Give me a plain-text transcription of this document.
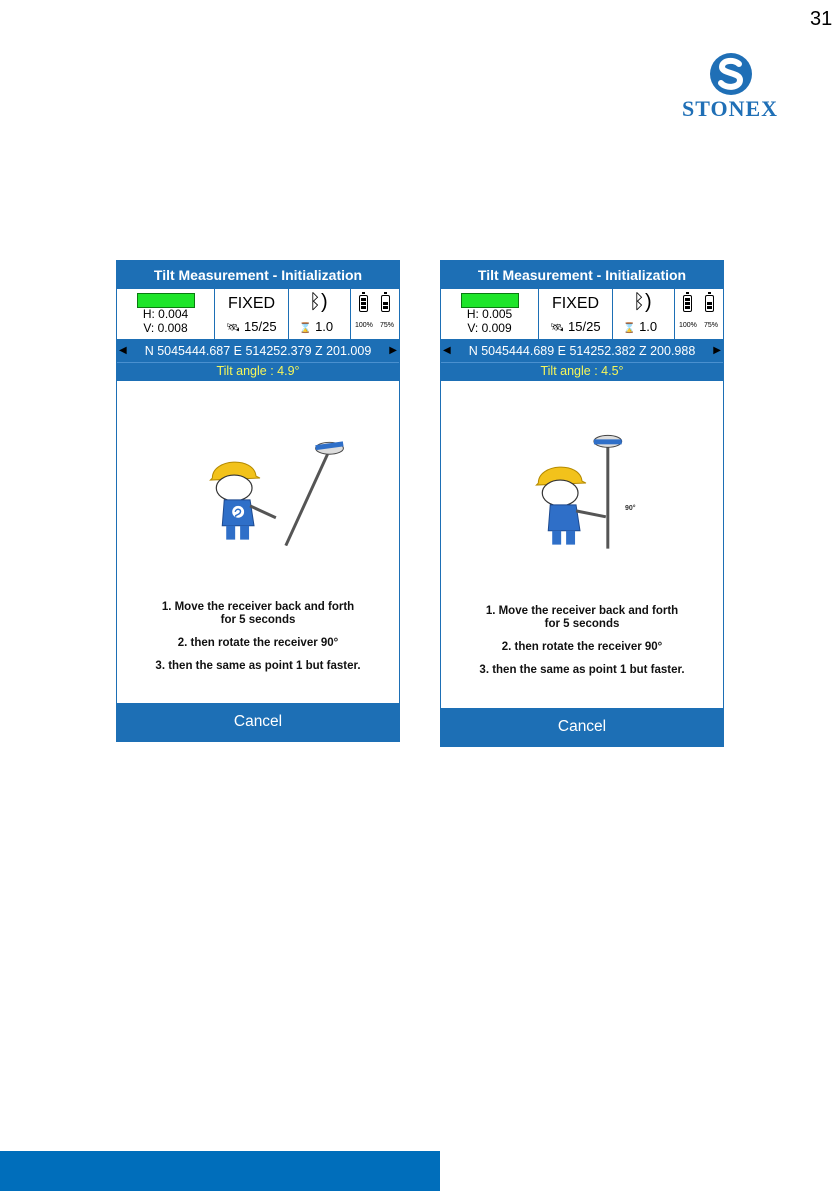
31
STONEX
Tilt Measurement - Initialization
H: 0.004
V: 0.008
FIXED
🛰 15/25
ᛒ)
⌛ 1.0	100% 75%
◀ N 5045444.687 E 514252.379 Z 201.009 ▶
Tilt angle : 4.9°
1. Move the receiver back and forth
for 5 seconds
2. then rotate the receiver 90°
3. then the same as point 1 but faster.
Cancel
Tilt Measurement - Initialization
H: 0.005
V: 0.009
FIXED
🛰 15/25
ᛒ)
⌛ 1.0	100% 75%
◀ N 5045444.689 E 514252.382 Z 200.988 ▶
Tilt angle : 4.5°
90°
1. Move the receiver back and forth
for 5 seconds
2. then rotate the receiver 90°
3. then the same as point 1 but faster.
Cancel
